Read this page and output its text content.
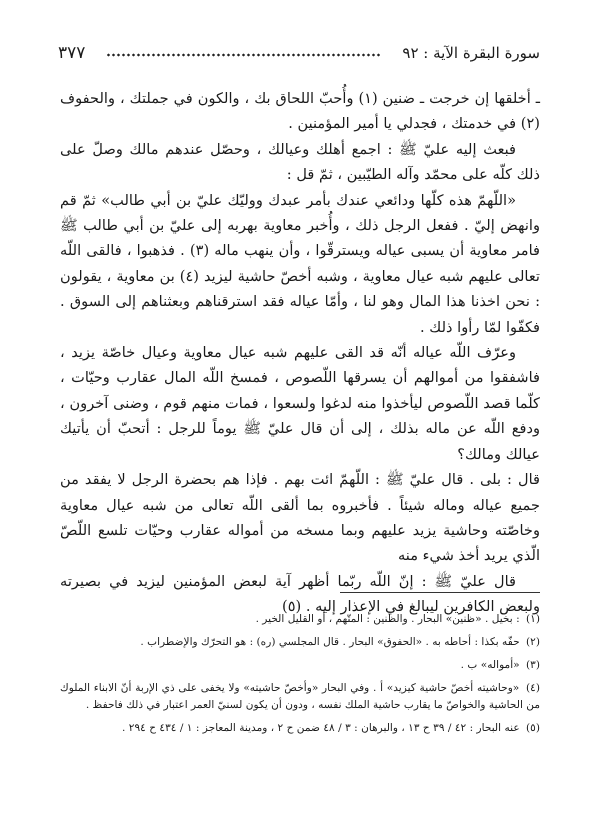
سورة البقرة الآية : ٩٢
٣٧٧

ـ أخلقها إن خرجت ـ ضنين (١) وأُحبّ اللحاق بك ، والكون في جملتك ، والحفوف (٢) في خدمتك ، فجدلي يا أمير المؤمنين .

فبعث إليه عليّ ﷺ : اجمع أهلك وعيالك ، وحصّل عندهم مالك وصلّ على ذلك كلّه على محمّد وآله الطيّبين ، ثمّ قل :

«اللّهمّ هذه كلّها ودائعي عندك بأمر عبدك ووليّك عليّ بن أبي طالب» ثمّ قم وانهض إليّ . ففعل الرجل ذلك ، وأُخبر معاوية بهربه إلى عليّ بن أبي طالب ﷺ فامر معاوية أن يسبى عياله ويسترقّوا ، وأن ينهب ماله (٣) . فذهبوا ، فالقى اللّه تعالى عليهم شبه عيال معاوية ، وشبه أخصّ حاشية ليزيد (٤) بن معاوية ، يقولون : نحن اخذنا هذا المال وهو لنا ، وأمّا عياله فقد استرقناهم وبعثناهم إلى السوق . فكفّوا لمّا رأوا ذلك .

وعرّف اللّه عياله أنّه قد القى عليهم شبه عيال معاوية وعيال خاصّة يزيد ، فاشفقوا من أموالهم أن يسرقها اللّصوص ، فمسخ اللّه المال عقارب وحيّات ، كلّما قصد اللّصوص ليأخذوا منه لدغوا ولسعوا ، فمات منهم قوم ، وضنى آخرون ، ودفع اللّه عن ماله بذلك ، إلى أن قال عليّ ﷺ يوماً للرجل : أتحبّ أن يأتيك عيالك ومالك؟

قال : بلى . قال عليّ ﷺ : اللّهمّ ائت بهم . فإذا هم بحضرة الرجل لا يفقد من جميع عياله وماله شيئاً . فأخبروه بما ألقى اللّه تعالى من شبه عيال معاوية وخاصّته وحاشية يزيد عليهم وبما مسخه من أمواله عقارب وحيّات تلسع اللّصّ الّذي يريد أخذ شيء منه

قال عليّ ﷺ : إنّ اللّه ربّما أظهر آية لبعض المؤمنين ليزيد في بصيرته ولبعض الكافرين ليبالغ في الإعذار إليه . (٥)

(١) : بخيل . «ظنين» البحار . والظنين : المتّهم ، أو القليل الخير .

(٢) حفّه بكذا : أحاطه به . «الحفوق» البحار . قال المجلسي (ره) : هو التحرّك والإضطراب .

(٣) «أمواله» ب .

(٤) «وحاشيته أخصّ حاشية كيزيد» أ . وفي البحار «وأخصّ حاشيته» ولا يخفى على ذي الإربة أنّ الابناء الملوك من الحاشية والخواصّ ما يقارب حاشية الملك نفسه ، ودون أن يكون لسنيّ العمر اعتبار في ذلك فاحفظ .

(٥) عنه البحار : ٤٢ / ٣٩ ح ١٣ ، والبرهان : ٣ / ٤٨ ضمن ح ٢ ، ومدينة المعاجز : ١ / ٤٣٤ ح ٢٩٤ .
